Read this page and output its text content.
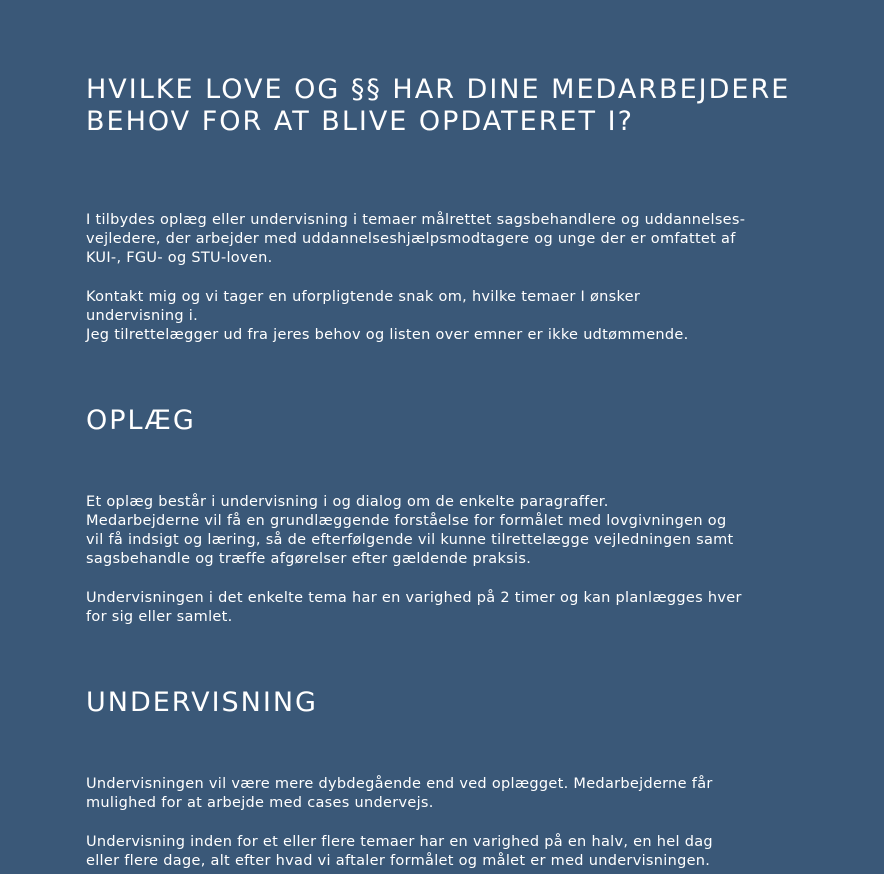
HVILKE LOVE OG §§ HAR DINE MEDARBEJDERE
BEHOV FOR AT BLIVE OPDATERET I?

I tilbydes oplæg eller undervisning i temaer målrettet sagsbehandlere og uddannelses-
vejledere, der arbejder med uddannelseshjælpsmodtagere og unge der er omfattet af
KUI-, FGU- og STU-loven.

Kontakt mig og vi tager en uforpligtende snak om, hvilke temaer I ønsker
undervisning i.
Jeg tilrettelægger ud fra jeres behov og listen over emner er ikke udtømmende.

OPLÆG

Et oplæg består i undervisning i og dialog om de enkelte paragraffer.
Medarbejderne vil få en grundlæggende forståelse for formålet med lovgivningen og
vil få indsigt og læring, så de efterfølgende vil kunne tilrettelægge vejledningen samt
sagsbehandle og træffe afgørelser efter gældende praksis.

Undervisningen i det enkelte tema har en varighed på 2 timer og kan planlægges hver
for sig eller samlet.

UNDERVISNING

Undervisningen vil være mere dybdegående end ved oplægget. Medarbejderne får
mulighed for at arbejde med cases undervejs.

Undervisning inden for et eller flere temaer har en varighed på en halv, en hel dag
eller flere dage, alt efter hvad vi aftaler formålet og målet er med undervisningen.
